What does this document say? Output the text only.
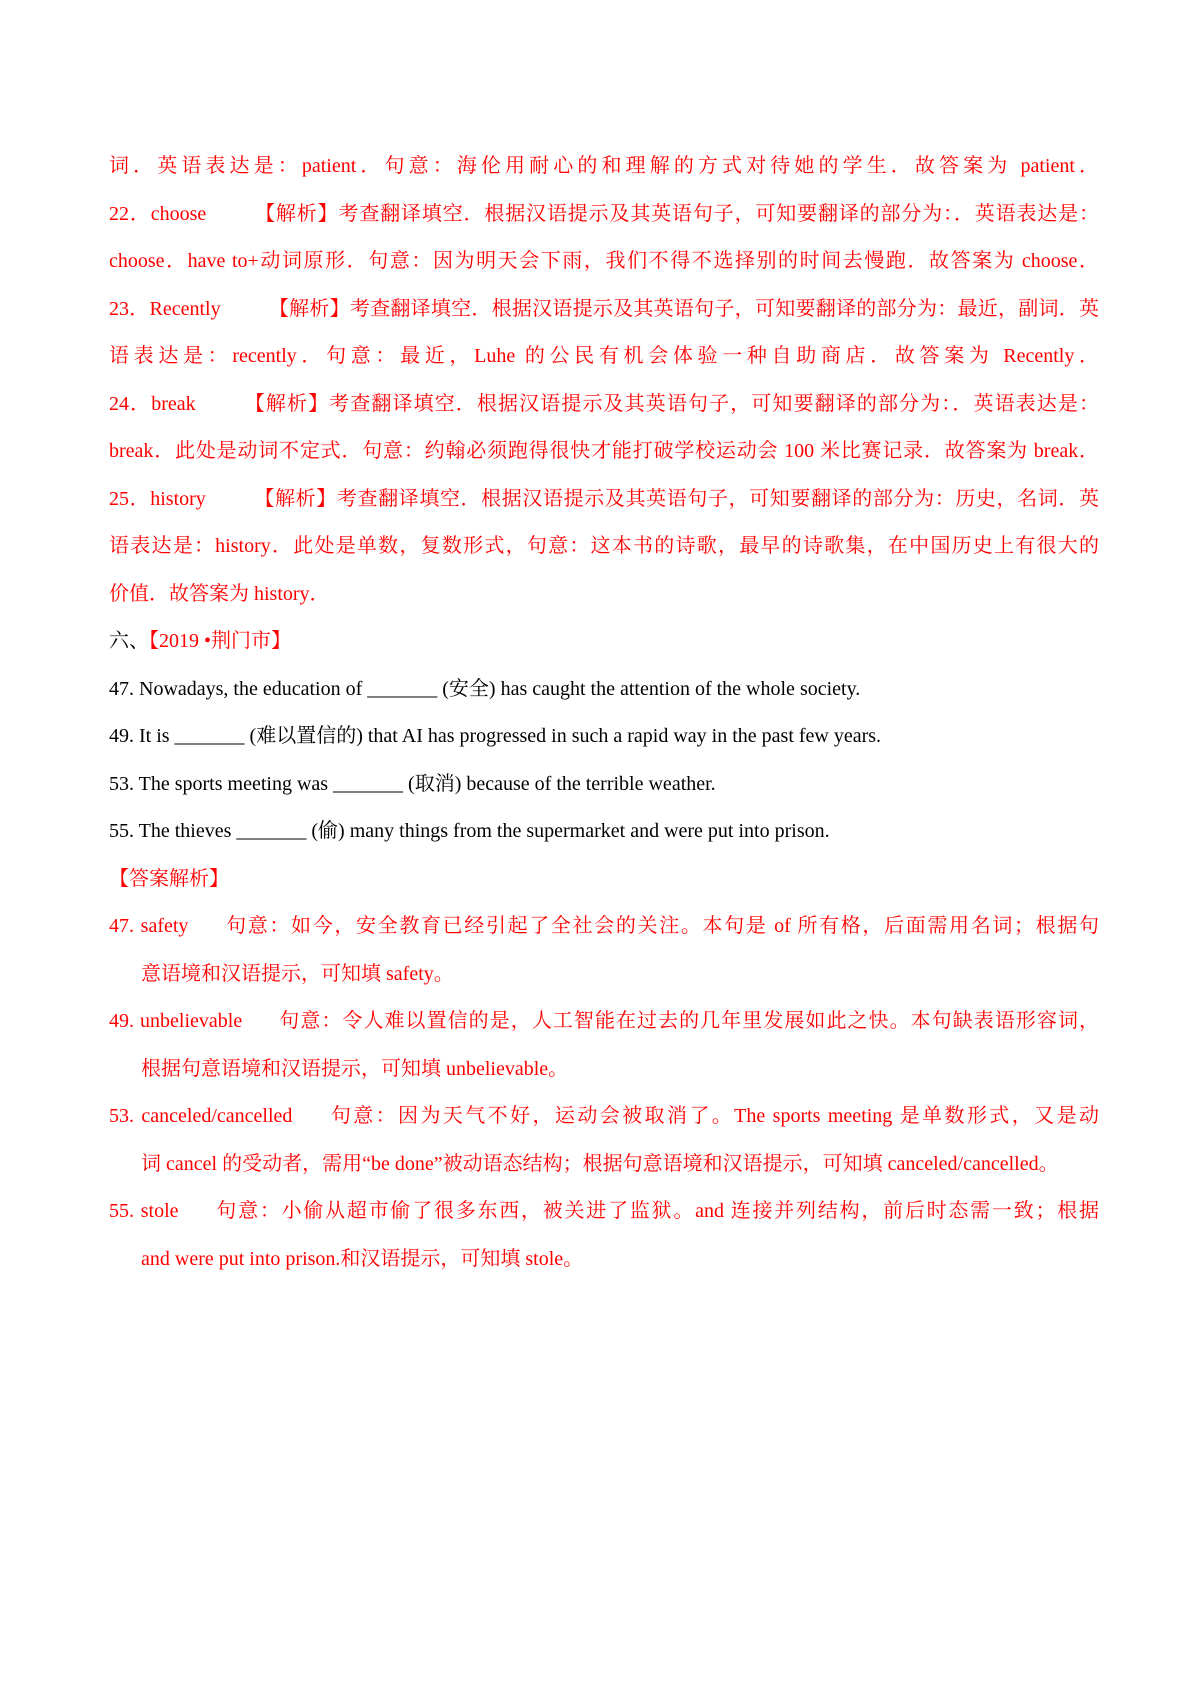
词．英语表达是：patient．句意：海伦用耐心的和理解的方式对待她的学生．故答案为 patient．
22．choose 【解析】考查翻译填空．根据汉语提示及其英语句子，可知要翻译的部分为：．英语表达是：
choose．have to+动词原形．句意：因为明天会下雨，我们不得不选择别的时间去慢跑．故答案为 choose．
23．Recently 【解析】考查翻译填空．根据汉语提示及其英语句子，可知要翻译的部分为：最近，副词．英
语表达是：recently．句意：最近，Luhe 的公民有机会体验一种自助商店．故答案为 Recently．
24．break 【解析】考查翻译填空．根据汉语提示及其英语句子，可知要翻译的部分为：．英语表达是：
break．此处是动词不定式．句意：约翰必须跑得很快才能打破学校运动会 100 米比赛记录．故答案为 break．
25．history 【解析】考查翻译填空．根据汉语提示及其英语句子，可知要翻译的部分为：历史，名词．英
语表达是：history．此处是单数，复数形式，句意：这本书的诗歌，最早的诗歌集，在中国历史上有很大的
价值．故答案为 history．
六、【2019 •荆门市】
47. Nowadays, the education of _______ (安全) has caught the attention of the whole society.
49. It is _______ (难以置信的) that AI has progressed in such a rapid way in the past few years.
53. The sports meeting was _______ (取消) because of the terrible weather.
55. The thieves _______ (偷) many things from the supermarket and were put into prison.
【答案解析】
47. safety 句意：如今，安全教育已经引起了全社会的关注。本句是 of 所有格，后面需用名词；根据句
意语境和汉语提示，可知填 safety。
49. unbelievable 句意：令人难以置信的是，人工智能在过去的几年里发展如此之快。本句缺表语形容词，
根据句意语境和汉语提示，可知填 unbelievable。
53. canceled/cancelled 句意：因为天气不好，运动会被取消了。The sports meeting 是单数形式，又是动
词 cancel 的受动者，需用“be done”被动语态结构；根据句意语境和汉语提示，可知填 canceled/cancelled。
55. stole 句意：小偷从超市偷了很多东西，被关进了监狱。and 连接并列结构，前后时态需一致；根据
and were put into prison.和汉语提示，可知填 stole。
